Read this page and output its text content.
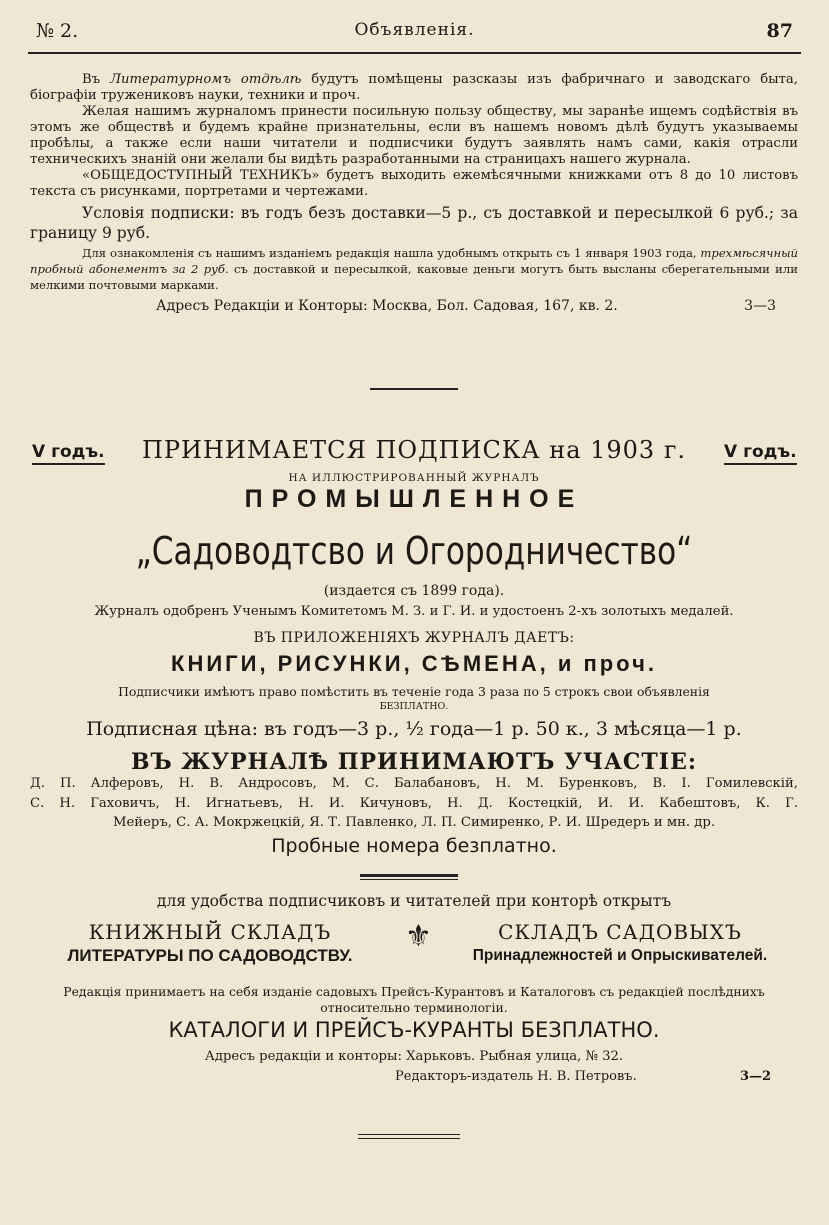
№ 2.	Объявленія.	87

Въ Литературномъ отдѣлѣ будутъ помѣщены разсказы изъ фабричнаго и заводскаго быта, біографіи тружениковъ науки, техники и проч.

Желая нашимъ журналомъ принести посильную пользу обществу, мы заранѣе ищемъ содѣйствія въ этомъ же обществѣ и будемъ крайне признательны, если въ нашемъ новомъ дѣлѣ будутъ указываемы пробѣлы, а также если наши читатели и подписчики будутъ заявлять намъ сами, какія отрасли техническихъ знаній они желали бы видѣть разработанными на страницахъ нашего журнала.

«ОБЩЕДОСТУПНЫЙ ТЕХНИКЪ» будетъ выходить ежемѣсячными книжками отъ 8 до 10 листовъ текста съ рисунками, портретами и чертежами.

Условія подписки: въ годъ безъ доставки—5 р., съ доставкой и пересылкой 6 руб.; за границу 9 руб.

Для ознакомленія съ нашимъ изданіемъ редакція нашла удобнымъ открыть съ 1 января 1903 года, трехмѣсячный пробный абонементъ за 2 руб. съ доставкой и пересылкой, каковые деньги могутъ быть высланы сберегательными или мелкими почтовыми марками.

Адресъ Редакціи и Конторы: Москва, Бол. Садовая, 167, кв. 2.	3—3

V годъ.	V годъ.
ПРИНИМАЕТСЯ ПОДПИСКА на 1903 г.
НА ИЛЛЮСТРИРОВАННЫЙ ЖУРНАЛЪ
ПРОМЫШЛЕННОЕ
„Садоводтсво и Огородничество“
(издается съ 1899 года).
Журналъ одобренъ Ученымъ Комитетомъ М. З. и Г. И. и удостоенъ 2-хъ золотыхъ медалей.
ВЪ ПРИЛОЖЕНІЯХЪ ЖУРНАЛЪ ДАЕТЪ:
КНИГИ, РИСУНКИ, СѢМЕНА, и проч.
Подписчики имѣютъ право помѣстить въ теченіе года 3 раза по 5 строкъ свои объявленія
БЕЗПЛАТНО.
Подписная цѣна: въ годъ—3 р., ½ года—1 р. 50 к., 3 мѣсяца—1 р.
ВЪ ЖУРНАЛѢ ПРИНИМАЮТЪ УЧАСТІЕ:
Д. П. Алферовъ, Н. В. Андросовъ, М. С. Балабановъ, Н. М. Буренковъ, В. І. Гомилевскій,
С. Н. Гаховичъ, Н. Игнатьевъ, Н. И. Кичуновъ, Н. Д. Костецкій, И. И. Кабештовъ, К. Г.
Мейеръ, С. А. Мокржецкій, Я. Т. Павленко, Л. П. Симиренко, Р. И. Шредеръ и мн. др.
Пробные номера безплатно.
для удобства подписчиковъ и читателей при конторѣ открытъ
КНИЖНЫЙ СКЛАДЪ
ЛИТЕРАТУРЫ ПО САДОВОДСТВУ.
⚜	СКЛАДЪ САДОВЫХЪ
Принадлежностей и Опрыскивателей.
Редакція принимаетъ на себя изданіе садовыхъ Прейсъ-Курантовъ и Каталоговъ съ редакціей послѣднихъ относительно терминологіи.
КАТАЛОГИ И ПРЕЙСЪ-КУРАНТЫ БЕЗПЛАТНО.
Адресъ редакціи и конторы: Харьковъ. Рыбная улица, № 32.
Редакторъ-издатель Н. В. Петровъ.	3—2
